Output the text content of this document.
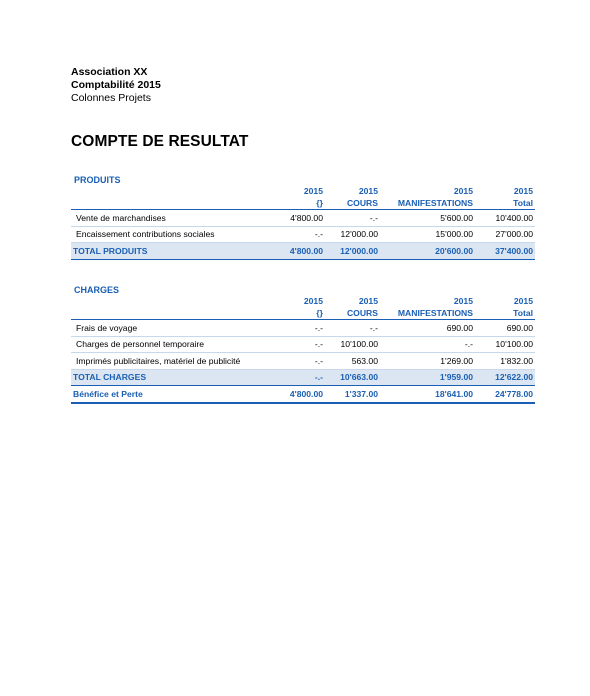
Association XX
Comptabilité 2015
Colonnes Projets
COMPTE DE RESULTAT
PRODUITS
	2015	2015	2015	2015
	{}	COURS	MANIFESTATIONS	Total
Vente de marchandises	4'800.00	-.-	5'600.00	10'400.00
Encaissement contributions sociales	-.-	12'000.00	15'000.00	27'000.00
TOTAL PRODUITS	4'800.00	12'000.00	20'600.00	37'400.00
CHARGES
	2015	2015	2015	2015
	{}	COURS	MANIFESTATIONS	Total
Frais de voyage	-.-	-.-	690.00	690.00
Charges de personnel temporaire	-.-	10'100.00	-.-	10'100.00
Imprimés publicitaires, matériel de publicité	-.-	563.00	1'269.00	1'832.00
TOTAL CHARGES	-.-	10'663.00	1'959.00	12'622.00
Bénéfice et Perte	4'800.00	1'337.00	18'641.00	24'778.00
